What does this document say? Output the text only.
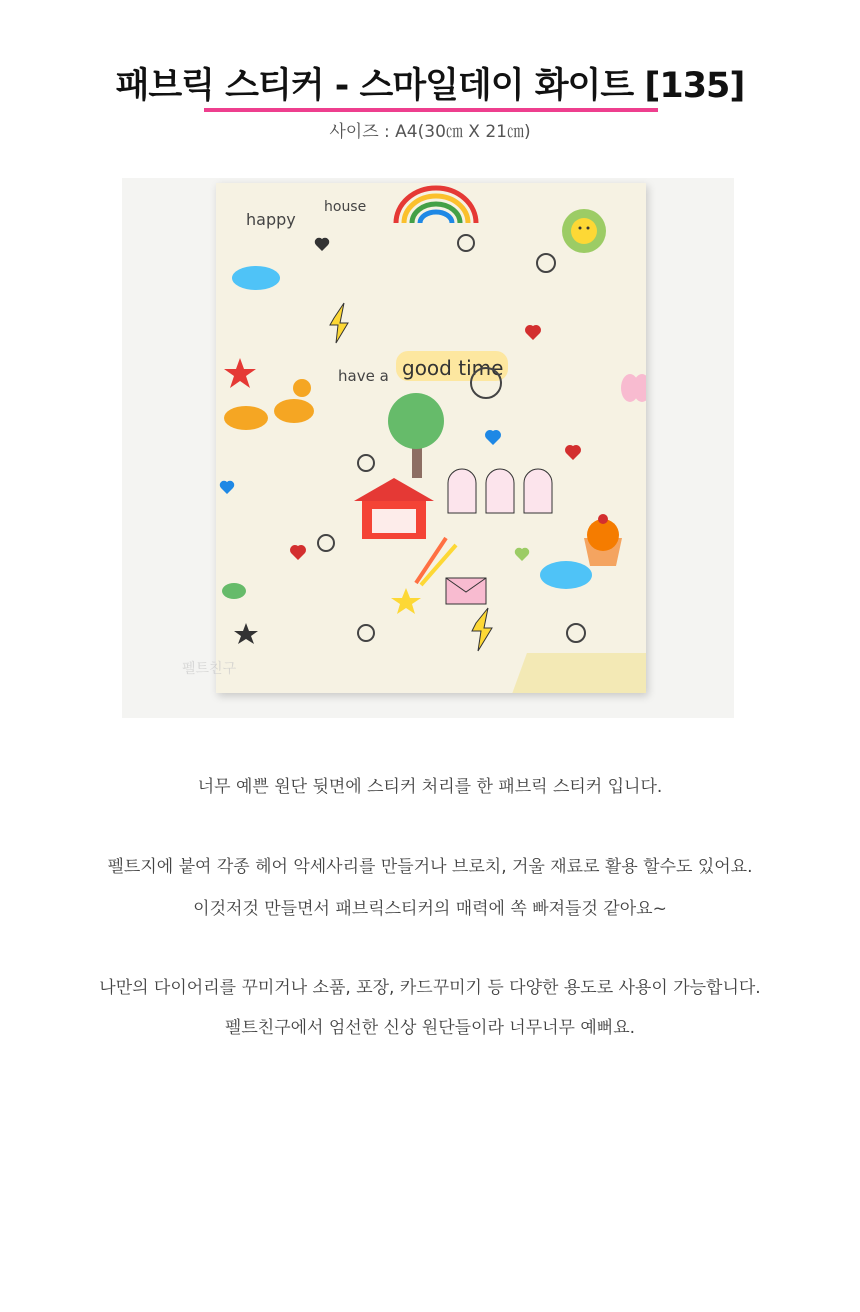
패브릭 스티커 - 스마일데이 화이트 [135]
사이즈 : A4(30㎝ X 21㎝)
happy
house
have a good time
펠트친구
너무 예쁜 원단 뒷면에 스티커 처리를 한 패브릭 스티커 입니다.
펠트지에 붙여 각종 헤어 악세사리를 만들거나 브로치, 거울 재료로 활용 할수도 있어요.
이것저것 만들면서 패브릭스티커의 매력에 쏙 빠져들것 같아요~
나만의 다이어리를 꾸미거나 소품, 포장, 카드꾸미기 등 다양한 용도로 사용이 가능합니다.
펠트친구에서 엄선한 신상 원단들이라 너무너무 예뻐요.
